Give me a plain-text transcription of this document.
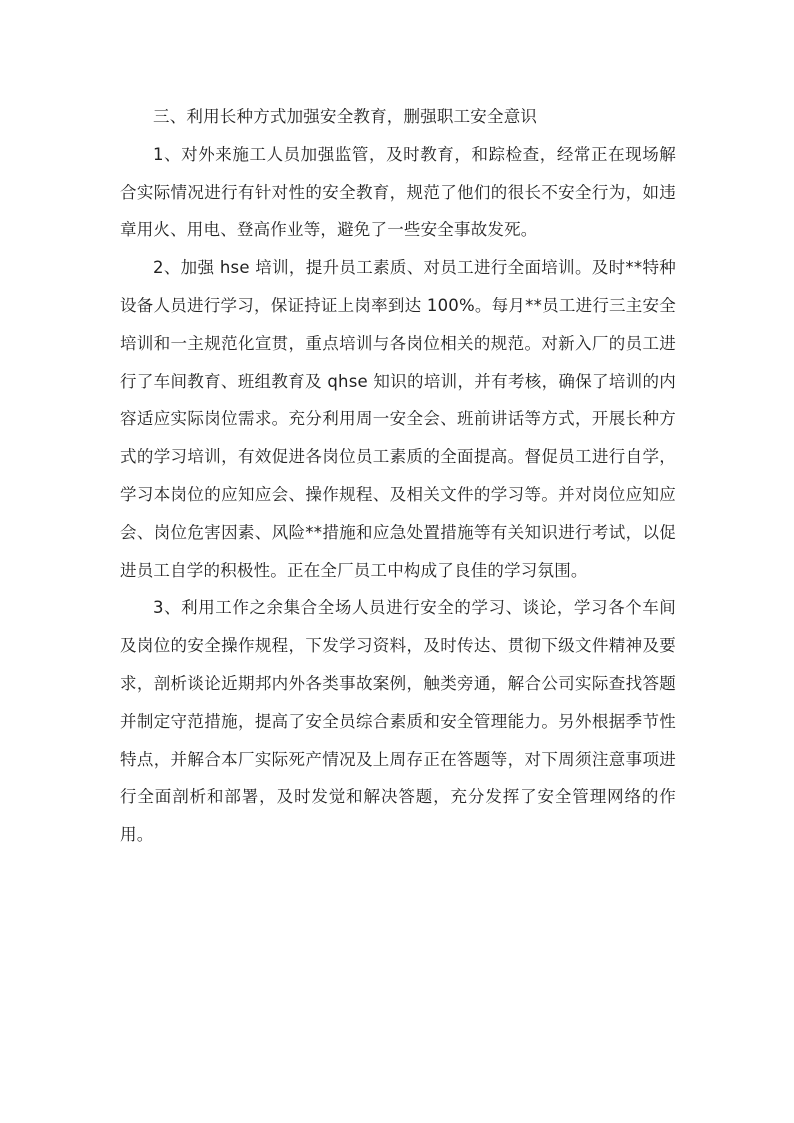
三、利用长种方式加强安全教育，删强职工安全意识

1、对外来施工人员加强监管，及时教育，和踪检查，经常正在现场解合实际情况进行有针对性的安全教育，规范了他们的很长不安全行为，如违章用火、用电、登高作业等，避免了一些安全事故发死。

2、加强 hse 培训，提升员工素质、对员工进行全面培训。及时**特种设备人员进行学习，保证持证上岗率到达 100%。每月**员工进行三主安全培训和一主规范化宣贯，重点培训与各岗位相关的规范。对新入厂的员工进行了车间教育、班组教育及 qhse 知识的培训，并有考核，确保了培训的内容适应实际岗位需求。充分利用周一安全会、班前讲话等方式，开展长种方式的学习培训，有效促进各岗位员工素质的全面提高。督促员工进行自学，学习本岗位的应知应会、操作规程、及相关文件的学习等。并对岗位应知应会、岗位危害因素、风险**措施和应急处置措施等有关知识进行考试，以促进员工自学的积极性。正在全厂员工中构成了良佳的学习氛围。

3、利用工作之余集合全场人员进行安全的学习、谈论，学习各个车间及岗位的安全操作规程，下发学习资料，及时传达、贯彻下级文件精神及要求，剖析谈论近期邦内外各类事故案例，触类旁通，解合公司实际查找答题并制定守范措施，提高了安全员综合素质和安全管理能力。另外根据季节性特点，并解合本厂实际死产情况及上周存正在答题等，对下周须注意事项进行全面剖析和部署，及时发觉和解决答题，充分发挥了安全管理网络的作用。
